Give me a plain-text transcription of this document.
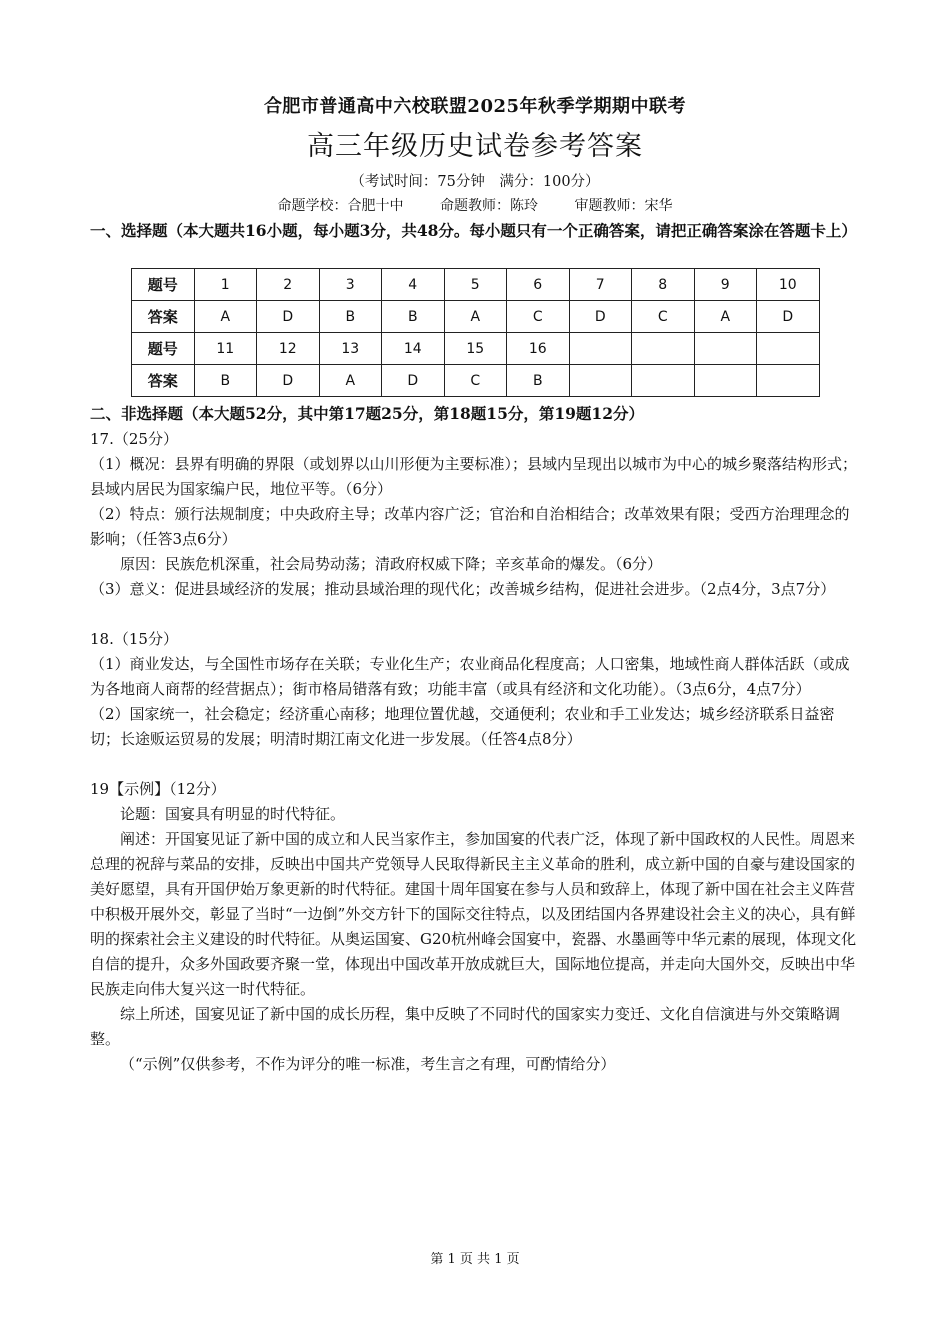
合肥市普通高中六校联盟2025年秋季学期期中联考
高三年级历史试卷参考答案
（考试时间：75分钟　满分：100分）
命题学校：合肥十中	命题教师：陈玲	审题教师：宋华
一、选择题（本大题共16小题，每小题3分，共48分。每小题只有一个正确答案，请把正确答案涂在答题卡上）
题号	1	2	3	4	5	6	7	8	9	10
答案	A	D	B	B	A	C	D	C	A	D
题号	11	12	13	14	15	16				
答案	B	D	A	D	C	B				
二、非选择题（本大题52分，其中第17题25分，第18题15分，第19题12分）

17.（25分）

（1）概况：县界有明确的界限（或划界以山川形便为主要标准）；县域内呈现出以城市为中心的城乡聚落结构形式；县域内居民为国家编户民，地位平等。（6分）

（2）特点：颁行法规制度；中央政府主导；改革内容广泛；官治和自治相结合；改革效果有限；受西方治理理念的影响；（任答3点6分）

原因：民族危机深重，社会局势动荡；清政府权威下降；辛亥革命的爆发。（6分）

（3）意义：促进县域经济的发展；推动县域治理的现代化；改善城乡结构，促进社会进步。（2点4分，3点7分）

18.（15分）

（1）商业发达，与全国性市场存在关联；专业化生产；农业商品化程度高；人口密集，地域性商人群体活跃（或成为各地商人商帮的经营据点）；街市格局错落有致；功能丰富（或具有经济和文化功能）。（3点6分，4点7分）

（2）国家统一，社会稳定；经济重心南移；地理位置优越，交通便利；农业和手工业发达；城乡经济联系日益密切；长途贩运贸易的发展；明清时期江南文化进一步发展。（任答4点8分）

19【示例】（12分）

论题：国宴具有明显的时代特征。

阐述：开国宴见证了新中国的成立和人民当家作主，参加国宴的代表广泛，体现了新中国政权的人民性。周恩来总理的祝辞与菜品的安排，反映出中国共产党领导人民取得新民主主义革命的胜利，成立新中国的自豪与建设国家的美好愿望，具有开国伊始万象更新的时代特征。建国十周年国宴在参与人员和致辞上，体现了新中国在社会主义阵营中积极开展外交，彰显了当时“一边倒”外交方针下的国际交往特点，以及团结国内各界建设社会主义的决心，具有鲜明的探索社会主义建设的时代特征。从奥运国宴、G20杭州峰会国宴中，瓷器、水墨画等中华元素的展现，体现文化自信的提升，众多外国政要齐聚一堂，体现出中国改革开放成就巨大，国际地位提高，并走向大国外交，反映出中华民族走向伟大复兴这一时代特征。

综上所述，国宴见证了新中国的成长历程，集中反映了不同时代的国家实力变迁、文化自信演进与外交策略调整。

（“示例”仅供参考，不作为评分的唯一标准，考生言之有理，可酌情给分）

第 1 页 共 1 页
